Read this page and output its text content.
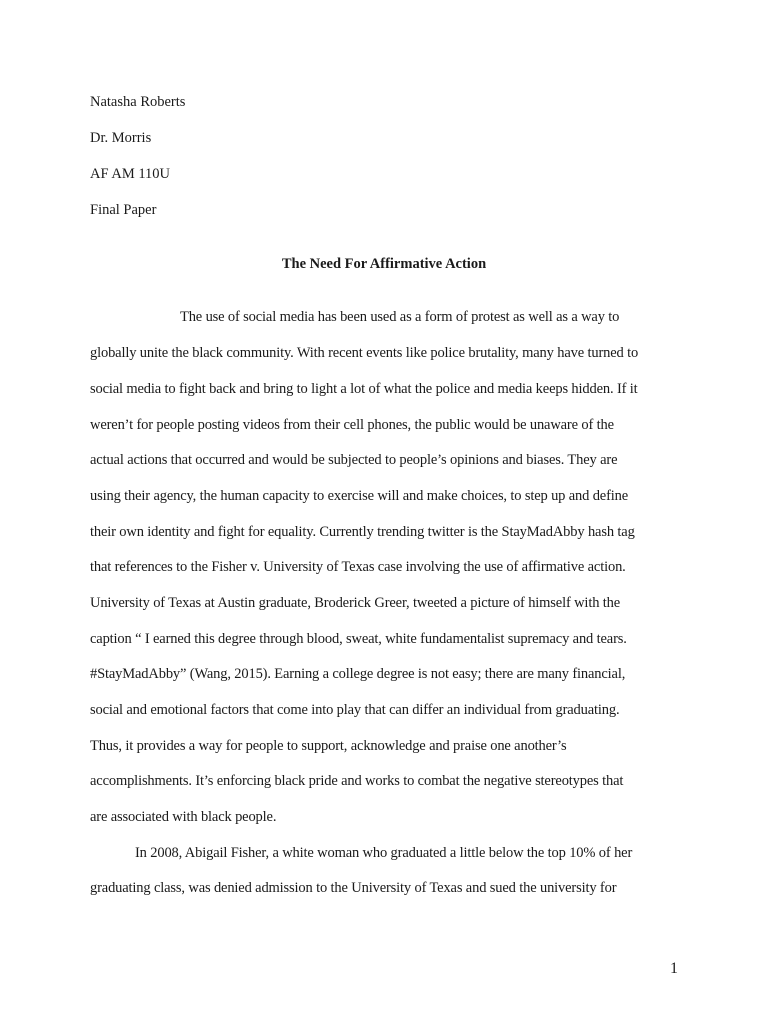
Natasha Roberts
Dr. Morris
AF AM 110U
Final Paper
The Need For Affirmative Action
The use of social media has been used as a form of protest as well as a way to
globally unite the black community. With recent events like police brutality, many have turned to
social media to fight back and bring to light a lot of what the police and media keeps hidden. If it
weren’t for people posting videos from their cell phones, the public would be unaware of the
actual actions that occurred and would be subjected to people’s opinions and biases. They are
using their agency, the human capacity to exercise will and make choices, to step up and define
their own identity and fight for equality. Currently trending twitter is the StayMadAbby hash tag
that references to the Fisher v. University of Texas case involving the use of affirmative action.
University of Texas at Austin graduate, Broderick Greer, tweeted a picture of himself with the
caption “ I earned this degree through blood, sweat, white fundamentalist supremacy and tears.
#StayMadAbby” (Wang, 2015). Earning a college degree is not easy; there are many financial,
social and emotional factors that come into play that can differ an individual from graduating.
Thus, it provides a way for people to support, acknowledge and praise one another’s
accomplishments. It’s enforcing black pride and works to combat the negative stereotypes that
are associated with black people.
In 2008, Abigail Fisher, a white woman who graduated a little below the top 10% of her
graduating class, was denied admission to the University of Texas and sued the university for
1
